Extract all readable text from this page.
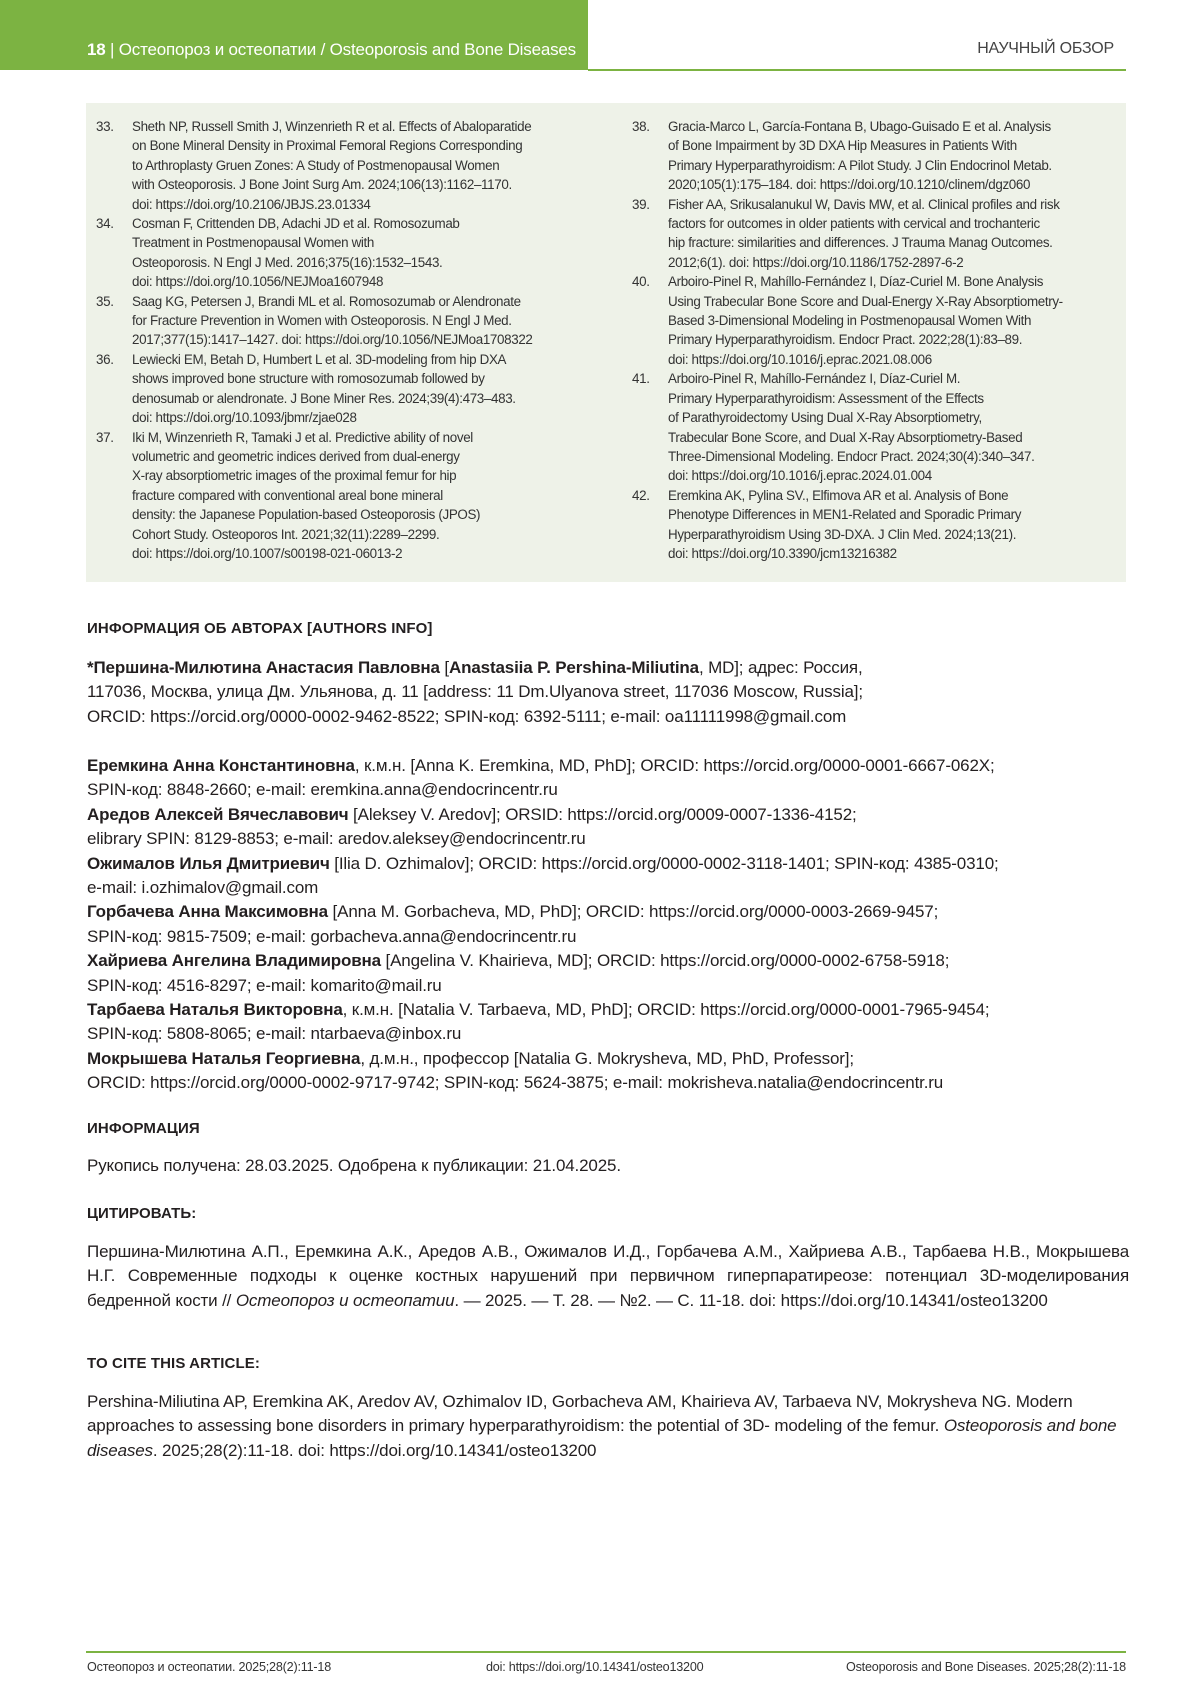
18 | Остеопороз и остеопатии / Osteoporosis and Bone Diseases	НАУЧНЫЙ ОБЗОР
33.	Sheth NP, Russell Smith J, Winzenrieth R et al. Effects of Abaloparatide
on Bone Mineral Density in Proximal Femoral Regions Corresponding
to Arthroplasty Gruen Zones: A Study of Postmenopausal Women
with Osteoporosis. J Bone Joint Surg Am. 2024;106(13):1162–1170.
doi: https://doi.org/10.2106/JBJS.23.01334
34.	Cosman F, Crittenden DB, Adachi JD et al. Romosozumab
Treatment in Postmenopausal Women with
Osteoporosis. N Engl J Med. 2016;375(16):1532–1543.
doi: https://doi.org/10.1056/NEJMoa1607948
35.	Saag KG, Petersen J, Brandi ML et al. Romosozumab or Alendronate
for Fracture Prevention in Women with Osteoporosis. N Engl J Med.
2017;377(15):1417–1427. doi: https://doi.org/10.1056/NEJMoa1708322
36.	Lewiecki EM, Betah D, Humbert L et al. 3D-modeling from hip DXA
shows improved bone structure with romosozumab followed by
denosumab or alendronate. J Bone Miner Res. 2024;39(4):473–483.
doi: https://doi.org/10.1093/jbmr/zjae028
37.	Iki M, Winzenrieth R, Tamaki J et al. Predictive ability of novel
volumetric and geometric indices derived from dual-energy
X-ray absorptiometric images of the proximal femur for hip
fracture compared with conventional areal bone mineral
density: the Japanese Population-based Osteoporosis (JPOS)
Cohort Study. Osteoporos Int. 2021;32(11):2289–2299.
doi: https://doi.org/10.1007/s00198-021-06013-2
38.	Gracia-Marco L, García-Fontana B, Ubago-Guisado E et al. Analysis
of Bone Impairment by 3D DXA Hip Measures in Patients With
Primary Hyperparathyroidism: A Pilot Study. J Clin Endocrinol Metab.
2020;105(1):175–184. doi: https://doi.org/10.1210/clinem/dgz060
39.	Fisher AA, Srikusalanukul W, Davis MW, et al. Clinical profiles and risk
factors for outcomes in older patients with cervical and trochanteric
hip fracture: similarities and differences. J Trauma Manag Outcomes.
2012;6(1). doi: https://doi.org/10.1186/1752-2897-6-2
40.	Arboiro-Pinel R, Mahíllo-Fernández I, Díaz-Curiel M. Bone Analysis
Using Trabecular Bone Score and Dual-Energy X-Ray Absorptiometry-
Based 3-Dimensional Modeling in Postmenopausal Women With
Primary Hyperparathyroidism. Endocr Pract. 2022;28(1):83–89.
doi: https://doi.org/10.1016/j.eprac.2021.08.006
41.	Arboiro-Pinel R, Mahíllo-Fernández I, Díaz-Curiel M.
Primary Hyperparathyroidism: Assessment of the Effects
of Parathyroidectomy Using Dual X-Ray Absorptiometry,
Trabecular Bone Score, and Dual X-Ray Absorptiometry-Based
Three-Dimensional Modeling. Endocr Pract. 2024;30(4):340–347.
doi: https://doi.org/10.1016/j.eprac.2024.01.004
42.	Eremkina AK, Pylina SV., Elfimova AR et al. Analysis of Bone
Phenotype Differences in MEN1-Related and Sporadic Primary
Hyperparathyroidism Using 3D-DXA. J Clin Med. 2024;13(21).
doi: https://doi.org/10.3390/jcm13216382
ИНФОРМАЦИЯ ОБ АВТОРАХ [AUTHORS INFO]
*Першина-Милютина Анастасия Павловна [Anastasiia P. Pershina-Miliutina, MD]; адрес: Россия,
117036, Москва, улица Дм. Ульянова, д. 11 [address: 11 Dm.Ulyanova street, 117036 Moscow, Russia];
ORCID: https://orcid.org/0000-0002-9462-8522; SPIN-код: 6392-5111; e-mail: oa11111998@gmail.com
Еремкина Анна Константиновна, к.м.н. [Anna K. Eremkina, MD, PhD]; ORCID: https://orcid.org/0000-0001-6667-062X;
SPIN-код: 8848-2660; e-mail: eremkina.anna@endocrincentr.ru
Аредов Алексей Вячеславович [Aleksey V. Aredov]; ORSID: https://orcid.org/0009-0007-1336-4152;
elibrary SPIN: 8129-8853; e-mail: aredov.aleksey@endocrincentr.ru
Ожималов Илья Дмитриевич [Ilia D. Ozhimalov]; ORCID: https://orcid.org/0000-0002-3118-1401; SPIN-код: 4385-0310;
e-mail: i.ozhimalov@gmail.com
Горбачева Анна Максимовна [Anna M. Gorbacheva, MD, PhD]; ORCID: https://orcid.org/0000-0003-2669-9457;
SPIN-код: 9815-7509; e-mail: gorbacheva.anna@endocrincentr.ru
Хайриева Ангелина Владимировна [Angelina V. Khairieva, MD]; ORCID: https://orcid.org/0000-0002-6758-5918;
SPIN-код: 4516-8297; e-mail: komarito@mail.ru
Тарбаева Наталья Викторовна, к.м.н. [Natalia V. Tarbaeva, MD, PhD]; ORCID: https://orcid.org/0000-0001-7965-9454;
SPIN-код: 5808-8065; e-mail: ntarbaeva@inbox.ru
Мокрышева Наталья Георгиевна, д.м.н., профессор [Natalia G. Mokrysheva, MD, PhD, Professor];
ORCID: https://orcid.org/0000-0002-9717-9742; SPIN-код: 5624-3875; e-mail: mokrisheva.natalia@endocrincentr.ru
ИНФОРМАЦИЯ
Рукопись получена: 28.03.2025. Одобрена к публикации: 21.04.2025.
ЦИТИРОВАТЬ:
Першина-Милютина А.П., Еремкина А.К., Аредов А.В., Ожималов И.Д., Горбачева А.М., Хайриева А.В., Тарбаева Н.В., Мокрышева Н.Г. Современные подходы к оценке костных нарушений при первичном гиперпаратиреозе: потенциал 3D-моделирования бедренной кости // Остеопороз и остеопатии. — 2025. — Т. 28. — №2. — С. 11-18. doi: https://doi.org/10.14341/osteo13200
TO CITE THIS ARTICLE:
Pershina-Miliutina AP, Eremkina AK, Aredov AV, Ozhimalov ID, Gorbacheva AM, Khairieva AV, Tarbaeva NV, Mokrysheva NG. Modern approaches to assessing bone disorders in primary hyperparathyroidism: the potential of 3D- modeling of the femur. Osteoporosis and bone diseases. 2025;28(2):11-18. doi: https://doi.org/10.14341/osteo13200
Остеопороз и остеопатии. 2025;28(2):11-18	doi: https://doi.org/10.14341/osteo13200	Osteoporosis and Bone Diseases. 2025;28(2):11-18
